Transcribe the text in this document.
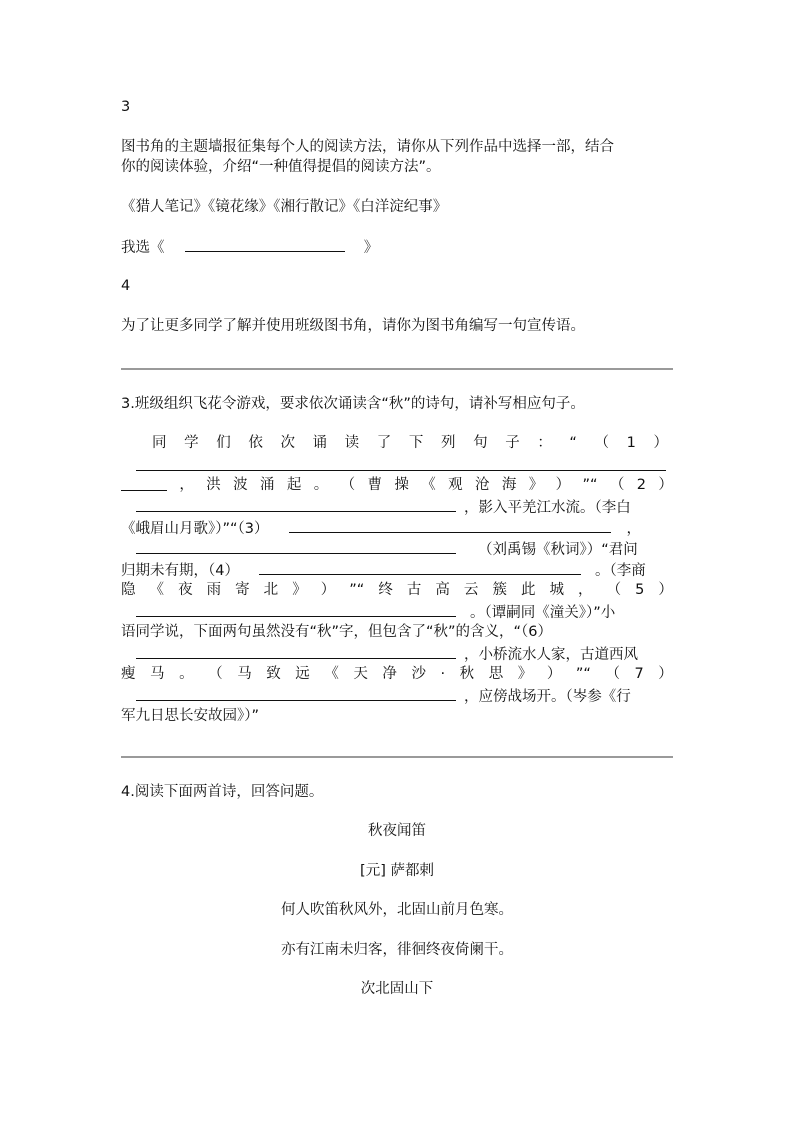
3
图书角的主题墙报征集每个人的阅读方法，请你从下列作品中选择一部，结合
你的阅读体验，介绍“一种值得提倡的阅读方法”。
《猎人笔记》《镜花缘》《湘行散记》《白洋淀纪事》
我选《	》
4
为了让更多同学了解并使用班级图书角，请你为图书角编写一句宣传语。
3.班级组织飞花令游戏，要求依次诵读含“秋”的诗句，请补写相应句子。
同 学 们 依 次 诵 读 了 下 列 句 子 ： “ （ 1 ）
， 洪 波 涌 起 。 （ 曹 操 《 观 沧 海 》 ） ”“ （ 2 ）
，影入平羌江水流。（李白
《峨眉山月歌》）”“（3）	，
（刘禹锡《秋词》）“君问
归期未有期，（4）	。（李商
隐 《 夜 雨 寄 北 》 ） ”“ 终 古 高 云 簇 此 城 ， （ 5 ）
。（谭嗣同《潼关》）”小
语同学说，下面两句虽然没有“秋”字，但包含了“秋”的含义，“（6）
，小桥流水人家，古道西风
瘦 马 。 （ 马 致 远 《 天 净 沙 · 秋 思 》 ） ”“ （ 7 ）
，应傍战场开。（岑参《行
军九日思长安故园》）”
4.阅读下面两首诗，回答问题。
秋夜闻笛
[元] 萨都剌
何人吹笛秋风外，北固山前月色寒。
亦有江南未归客，徘徊终夜倚阑干。
次北固山下
